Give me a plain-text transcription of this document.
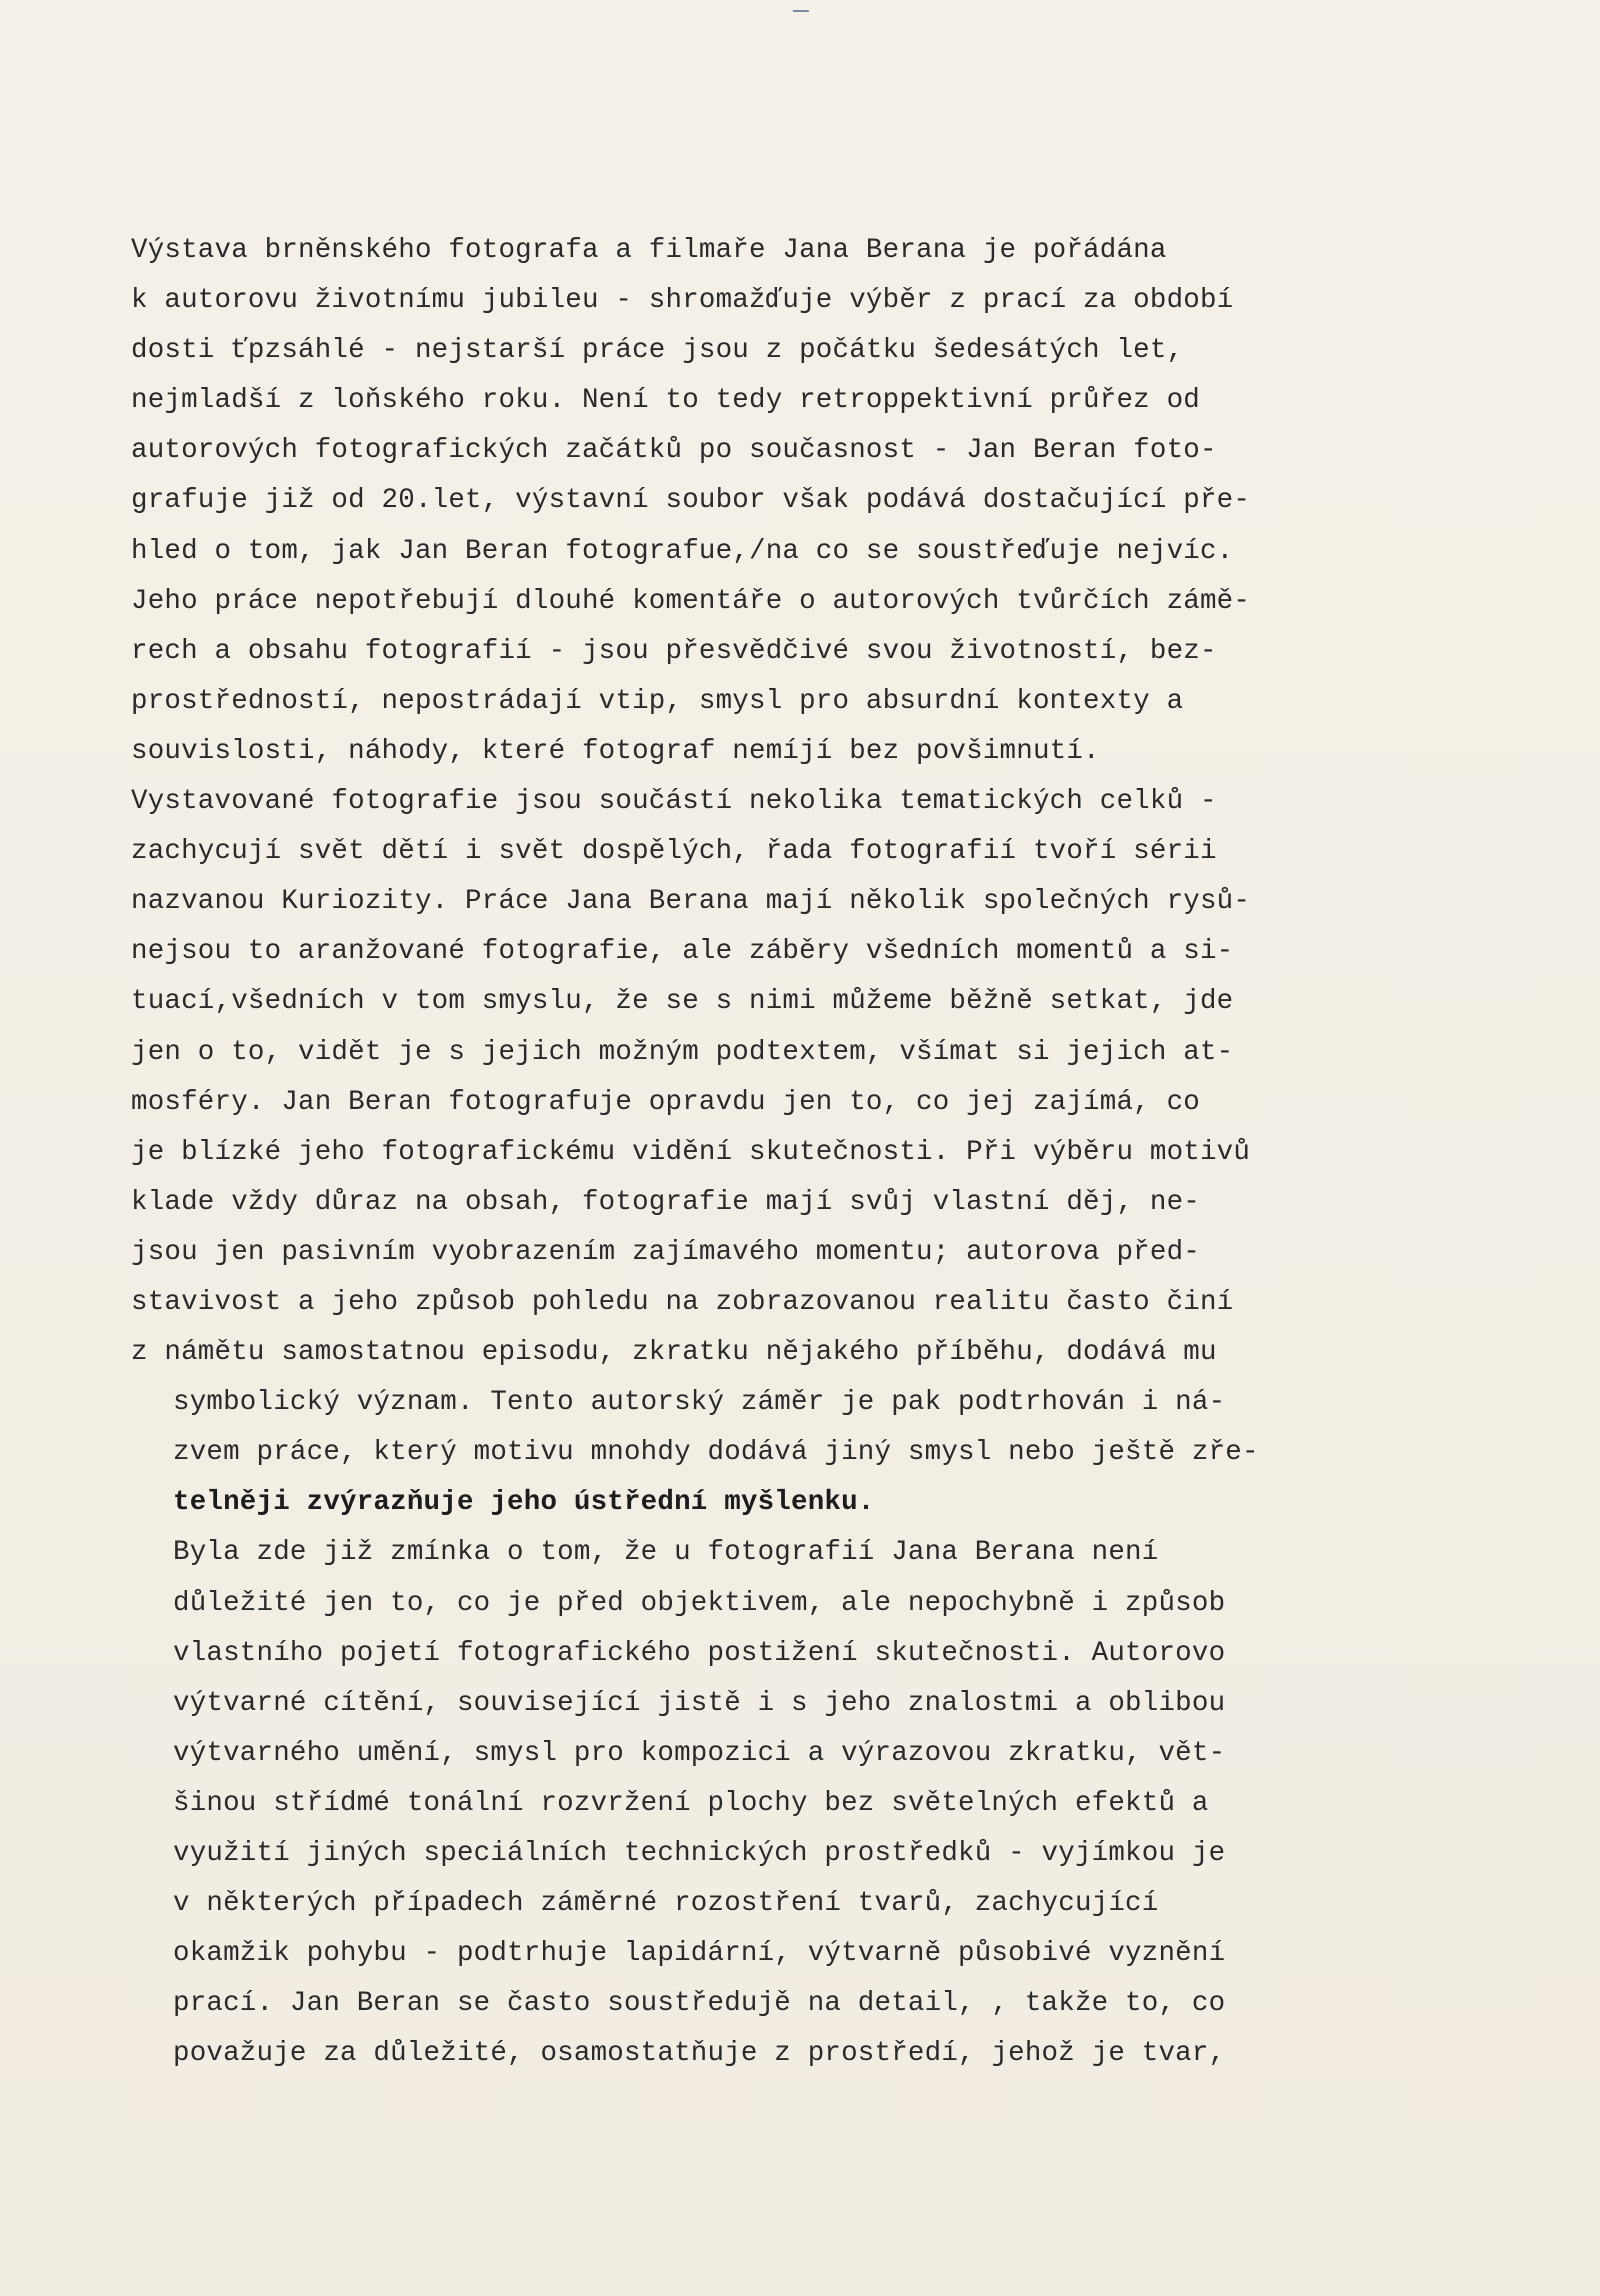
Výstava brněnského fotografa a filmaře Jana Berana je pořádána
k autorovu životnímu jubileu - shromažďuje výběr z prací za období
dosti ťpzsáhlé - nejstarší práce jsou z počátku šedesátých let,
nejmladší z loňského roku. Není to tedy retroppektivní průřez od
autorových fotografických začátků po současnost - Jan Beran foto-
grafuje již od 20.let, výstavní soubor však podává dostačující pře-
hled o tom, jak Jan Beran fotografue,/na co se soustřeďuje nejvíc.
Jeho práce nepotřebují dlouhé komentáře o autorových tvůrčích zámě-
rech a obsahu fotografií - jsou přesvědčivé svou životností, bez-
prostředností, nepostrádají vtip, smysl pro absurdní kontexty a
souvislosti, náhody, které fotograf nemíjí bez povšimnutí.
Vystavované fotografie jsou součástí nekolika tematických celků -
zachycují svět dětí i svět dospělých, řada fotografií tvoří sérii
nazvanou Kuriozity. Práce Jana Berana mají několik společných rysů-
nejsou to aranžované fotografie, ale záběry všedních momentů a si-
tuací,všedních v tom smyslu, že se s nimi můžeme běžně setkat, jde
jen o to, vidět je s jejich možným podtextem, všímat si jejich at-
mosféry. Jan Beran fotografuje opravdu jen to, co jej zajímá, co
je blízké jeho fotografickému vidění skutečnosti. Při výběru motivů
klade vždy důraz na obsah, fotografie mají svůj vlastní děj, ne-
jsou jen pasivním vyobrazením zajímavého momentu; autorova před-
stavivost a jeho způsob pohledu na zobrazovanou realitu často činí
z námětu samostatnou episodu, zkratku nějakého příběhu, dodává mu
symbolický význam. Tento autorský záměr je pak podtrhován i ná-
zvem práce, který motivu mnohdy dodává jiný smysl nebo ještě zře-
telněji zvýrazňuje jeho ústřední myšlenku.
Byla zde již zmínka o tom, že u fotografií Jana Berana není
důležité jen to, co je před objektivem, ale nepochybně i způsob
vlastního pojetí fotografického postižení skutečnosti. Autorovo
výtvarné cítění, související jistě i s jeho znalostmi a oblibou
výtvarného umění, smysl pro kompozici a výrazovou zkratku, vět-
šinou střídmé tonální rozvržení plochy bez světelných efektů a
využití jiných speciálních technických prostředků - vyjímkou je
v některých případech záměrné rozostření tvarů, zachycující
okamžik pohybu - podtrhuje lapidární, výtvarně působivé vyznění
prací. Jan Beran se často soustředujě na detail, , takže to, co
považuje za důležité, osamostatňuje z prostředí, jehož je tvar,
